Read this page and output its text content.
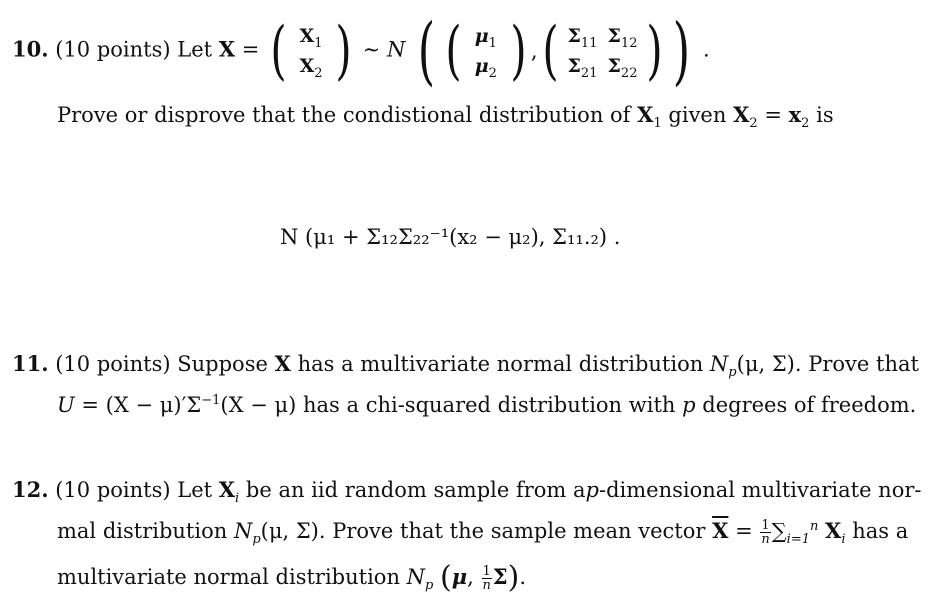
10. (10 points) Let X = ( $X_1$
$X_2$ ) ∼ N ( ( $\mu_1$
$\mu_2$ ) , ( $\Sigma_{11}$ $\Sigma_{12}$
$\Sigma_{21}$ $\Sigma_{22}$ ) ) .
Prove or disprove that the condistional distribution of $X_1$ given $X_2 = x_2$ is
N (μ₁ + Σ₁₂Σ₂₂⁻¹(x₂ − μ₂), Σ₁₁.₂) .
11. (10 points) Suppose X has a multivariate normal distribution $N_p(\mu$, Σ). Prove that
$U = (X - \mu)'\Sigma^{-1}(X - \mu)$ has a chi-squared distribution with p degrees of freedom.
12. (10 points) Let $X_i$ be an iid random sample from ap-dimensional multivariate nor-
mal distribution $N_p(\mu$, Σ). Prove that the sample mean vector $\overline{X} = \frac{1}{n} \sum_{i=1}^n$ $X_i$ has a
multivariate normal distribution $N_p$ (μ, $\frac{1}{n} \Sigma$).
